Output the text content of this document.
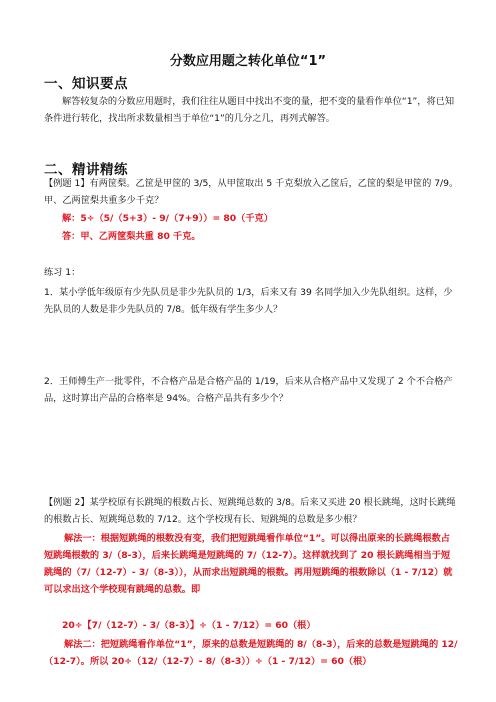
分数应用题之转化单位“1”
一、知识要点
解答较复杂的分数应用题时，我们往往从题目中找出不变的量，把不变的量看作单位“1”，将已知条件进行转化，找出所求数量相当于单位“1”的几分之几，再列式解答。
二、精讲精练
【例题 1】有两筐梨。乙筐是甲筐的 3/5，从甲筐取出 5 千克梨放入乙筐后，乙筐的梨是甲筐的 7/9。甲、乙两筐梨共重多少千克？
解：5÷（5/（5+3）- 9/（7+9））= 80（千克）
答：甲、乙两筐梨共重 80 千克。
练习 1：
1．某小学低年级原有少先队员是非少先队员的 1/3，后来又有 39 名同学加入少先队组织。这样，少先队员的人数是非少先队员的 7/8。低年级有学生多少人？
2．王师傅生产一批零件，不合格产品是合格产品的 1/19，后来从合格产品中又发现了 2 个不合格产品，这时算出产品的合格率是 94%。合格产品共有多少个？
【例题 2】某学校原有长跳绳的根数占长、短跳绳总数的 3/8。后来又买进 20 根长跳绳，这时长跳绳的根数占长、短跳绳总数的 7/12。这个学校现有长、短跳绳的总数是多少根？
解法一：根据短跳绳的根数没有变，我们把短跳绳看作单位“1”。可以得出原来的长跳绳根数占短跳绳根数的 3/（8-3），后来长跳绳是短跳绳的 7/（12-7）。这样就找到了 20 根长跳绳相当于短跳绳的（7/（12-7）- 3/（8-3）），从而求出短跳绳的根数。再用短跳绳的根数除以（1 - 7/12）就可以求出这个学校现有跳绳的总数。即
20÷【7/（12-7）- 3/（8-3）】÷（1 - 7/12）= 60（根）
解法二：把短跳绳看作单位“1”，原来的总数是短跳绳的 8/（8-3），后来的总数是短跳绳的 12/（12-7）。所以 20÷（12/（12-7）- 8/（8-3））÷（1 - 7/12）= 60（根）
